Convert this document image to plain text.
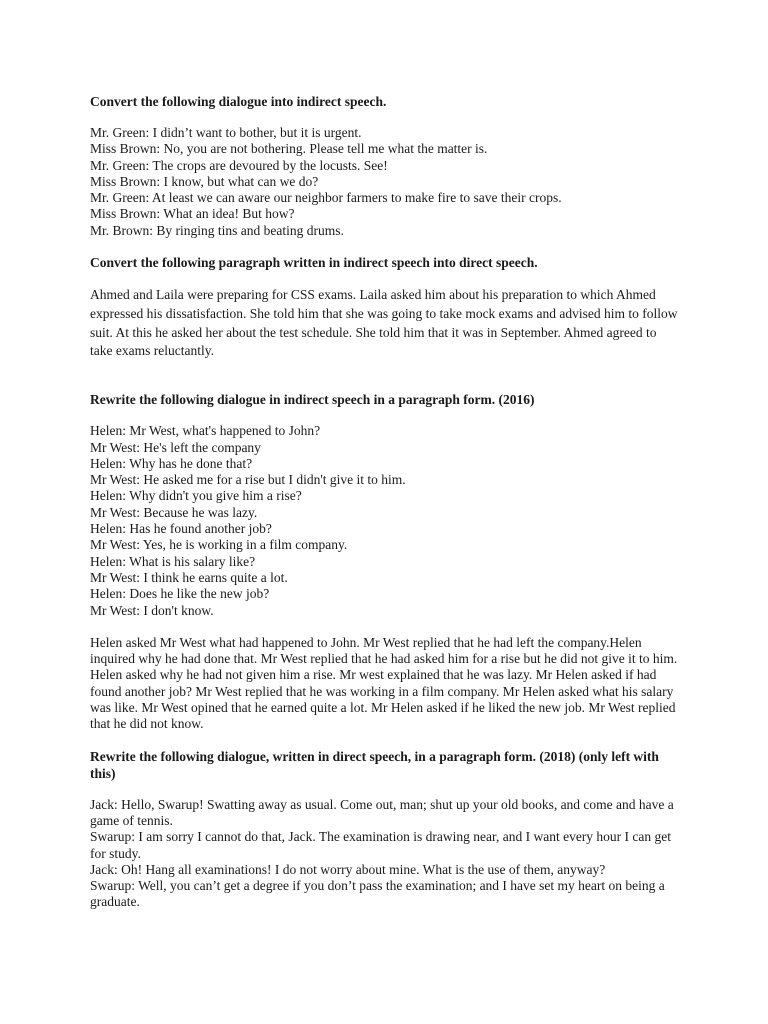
Convert the following dialogue into indirect speech.

Mr. Green: I didn’t want to bother, but it is urgent.
Miss Brown: No, you are not bothering. Please tell me what the matter is.
Mr. Green: The crops are devoured by the locusts. See!
Miss Brown: I know, but what can we do?
Mr. Green: At least we can aware our neighbor farmers to make fire to save their crops.
Miss Brown: What an idea! But how?
Mr. Brown: By ringing tins and beating drums.

Convert the following paragraph written in indirect speech into direct speech.

Ahmed and Laila were preparing for CSS exams. Laila asked him about his preparation to which Ahmed expressed his dissatisfaction. She told him that she was going to take mock exams and advised him to follow suit. At this he asked her about the test schedule. She told him that it was in September. Ahmed agreed to take exams reluctantly.

Rewrite the following dialogue in indirect speech in a paragraph form. (2016)

Helen: Mr West, what's happened to John?
Mr West: He's left the company
Helen: Why has he done that?
Mr West: He asked me for a rise but I didn't give it to him.
Helen: Why didn't you give him a rise?
Mr West: Because he was lazy.
Helen: Has he found another job?
Mr West: Yes, he is working in a film company.
Helen: What is his salary like?
Mr West: I think he earns quite a lot.
Helen: Does he like the new job?
Mr West: I don't know.

Helen asked Mr West what had happened to John. Mr West replied that he had left the company.Helen inquired why he had done that. Mr West replied that he had asked him for a rise but he did not give it to him. Helen asked why he had not given him a rise. Mr west explained that he was lazy. Mr Helen asked if had found another job? Mr West replied that he was working in a film company. Mr Helen asked what his salary was like. Mr West opined that he earned quite a lot. Mr Helen asked if he liked the new job. Mr West replied that he did not know.

Rewrite the following dialogue, written in direct speech, in a paragraph form. (2018) (only left with this)

Jack: Hello, Swarup! Swatting away as usual. Come out, man; shut up your old books, and come and have a game of tennis.

Swarup: I am sorry I cannot do that, Jack. The examination is drawing near, and I want every hour I can get for study.

Jack: Oh! Hang all examinations! I do not worry about mine. What is the use of them, anyway?

Swarup: Well, you can’t get a degree if you don’t pass the examination; and I have set my heart on being a graduate.
